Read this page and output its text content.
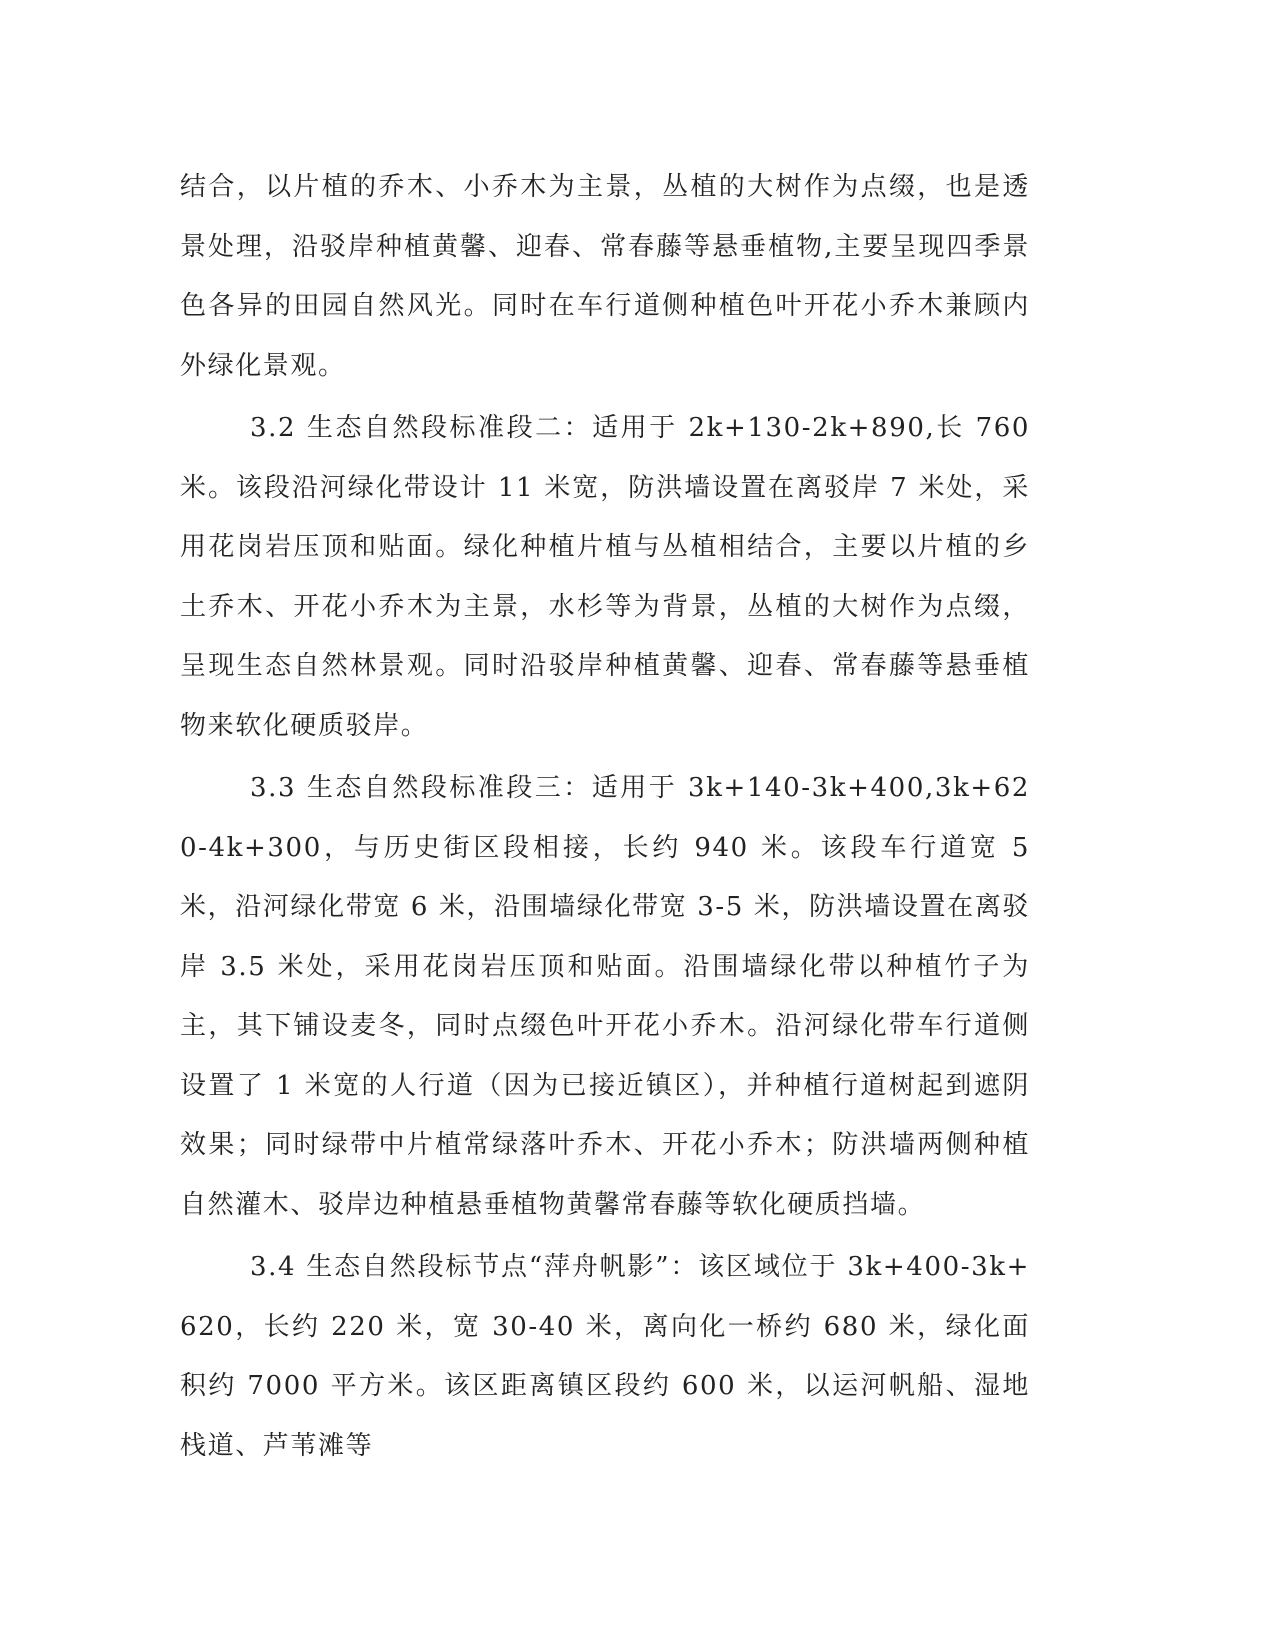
结合，以片植的乔木、小乔木为主景，丛植的大树作为点缀，也是透景处理，沿驳岸种植黄馨、迎春、常春藤等悬垂植物,主要呈现四季景色各异的田园自然风光。同时在车行道侧种植色叶开花小乔木兼顾内外绿化景观。

3.2 生态自然段标准段二：适用于 2k+130-2k+890,长 760 米。该段沿河绿化带设计 11 米宽，防洪墙设置在离驳岸 7 米处，采用花岗岩压顶和贴面。绿化种植片植与丛植相结合，主要以片植的乡土乔木、开花小乔木为主景，水杉等为背景，丛植的大树作为点缀，呈现生态自然林景观。同时沿驳岸种植黄馨、迎春、常春藤等悬垂植物来软化硬质驳岸。

3.3 生态自然段标准段三：适用于 3k+140-3k+400,3k+620-4k+300，与历史街区段相接，长约 940 米。该段车行道宽 5 米，沿河绿化带宽 6 米，沿围墙绿化带宽 3-5 米，防洪墙设置在离驳岸 3.5 米处，采用花岗岩压顶和贴面。沿围墙绿化带以种植竹子为主，其下铺设麦冬，同时点缀色叶开花小乔木。沿河绿化带车行道侧设置了 1 米宽的人行道（因为已接近镇区），并种植行道树起到遮阴效果；同时绿带中片植常绿落叶乔木、开花小乔木；防洪墙两侧种植自然灌木、驳岸边种植悬垂植物黄馨常春藤等软化硬质挡墙。

3.4 生态自然段标节点“萍舟帆影”：该区域位于 3k+400-3k+620，长约 220 米，宽 30-40 米，离向化一桥约 680 米，绿化面积约 7000 平方米。该区距离镇区段约 600 米，以运河帆船、湿地栈道、芦苇滩等
